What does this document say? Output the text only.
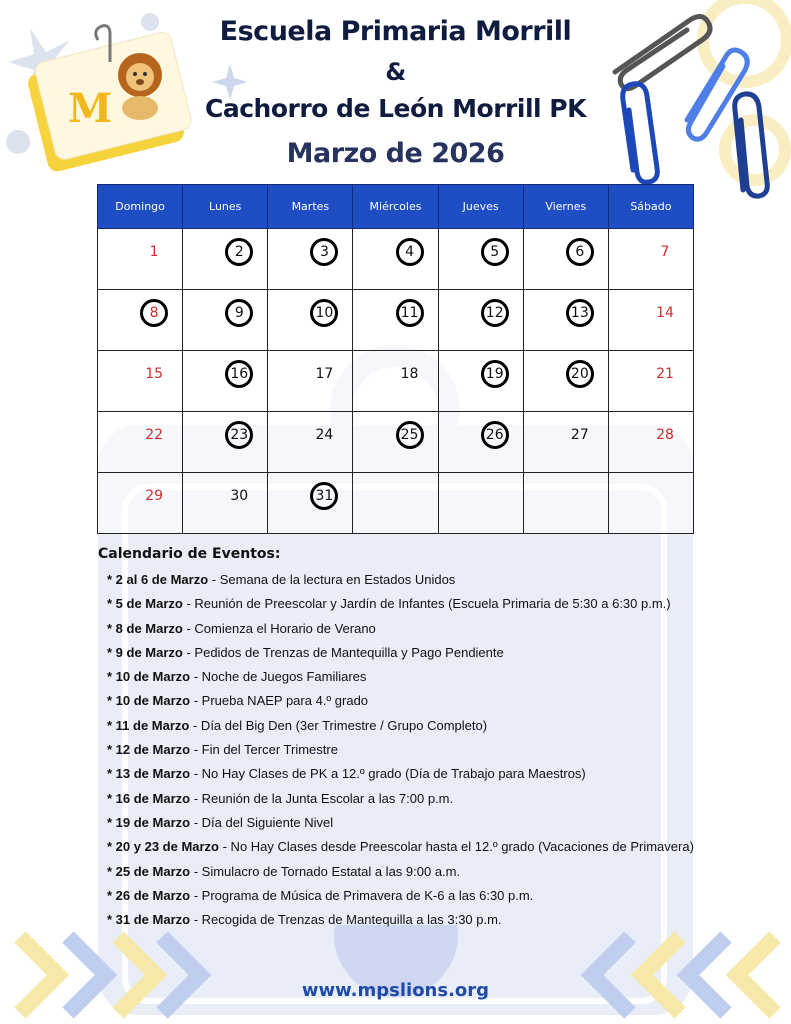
M
Escuela Primaria Morrill
&
Cachorro de León Morrill PK
Marzo de 2026
Domingo	Lunes	Martes	Miércoles	Jueves	Viernes	Sábado

1	2	3	4	5	6	7

8	9	10	11	12	13	14

15	16	17	18	19	20	21

22	23	24	25	26	27	28

29	30	31				

Calendario de Eventos:
* 2 al 6 de Marzo - Semana de la lectura en Estados Unidos
* 5 de Marzo - Reunión de Preescolar y Jardín de Infantes (Escuela Primaria de 5:30 a 6:30 p.m.)
* 8 de Marzo - Comienza el Horario de Verano
* 9 de Marzo - Pedidos de Trenzas de Mantequilla y Pago Pendiente
* 10 de Marzo - Noche de Juegos Familiares
* 10 de Marzo - Prueba NAEP para 4.º grado
* 11 de Marzo - Día del Big Den (3er Trimestre / Grupo Completo)
* 12 de Marzo - Fin del Tercer Trimestre
* 13 de Marzo - No Hay Clases de PK a 12.º grado (Día de Trabajo para Maestros)
* 16 de Marzo - Reunión de la Junta Escolar a las 7:00 p.m.
* 19 de Marzo - Día del Siguiente Nivel
* 20 y 23 de Marzo - No Hay Clases desde Preescolar hasta el 12.º grado (Vacaciones de Primavera)
* 25 de Marzo - Simulacro de Tornado Estatal a las 9:00 a.m.
* 26 de Marzo - Programa de Música de Primavera de K-6 a las 6:30 p.m.
* 31 de Marzo - Recogida de Trenzas de Mantequilla a las 3:30 p.m.
www.mpslions.org
